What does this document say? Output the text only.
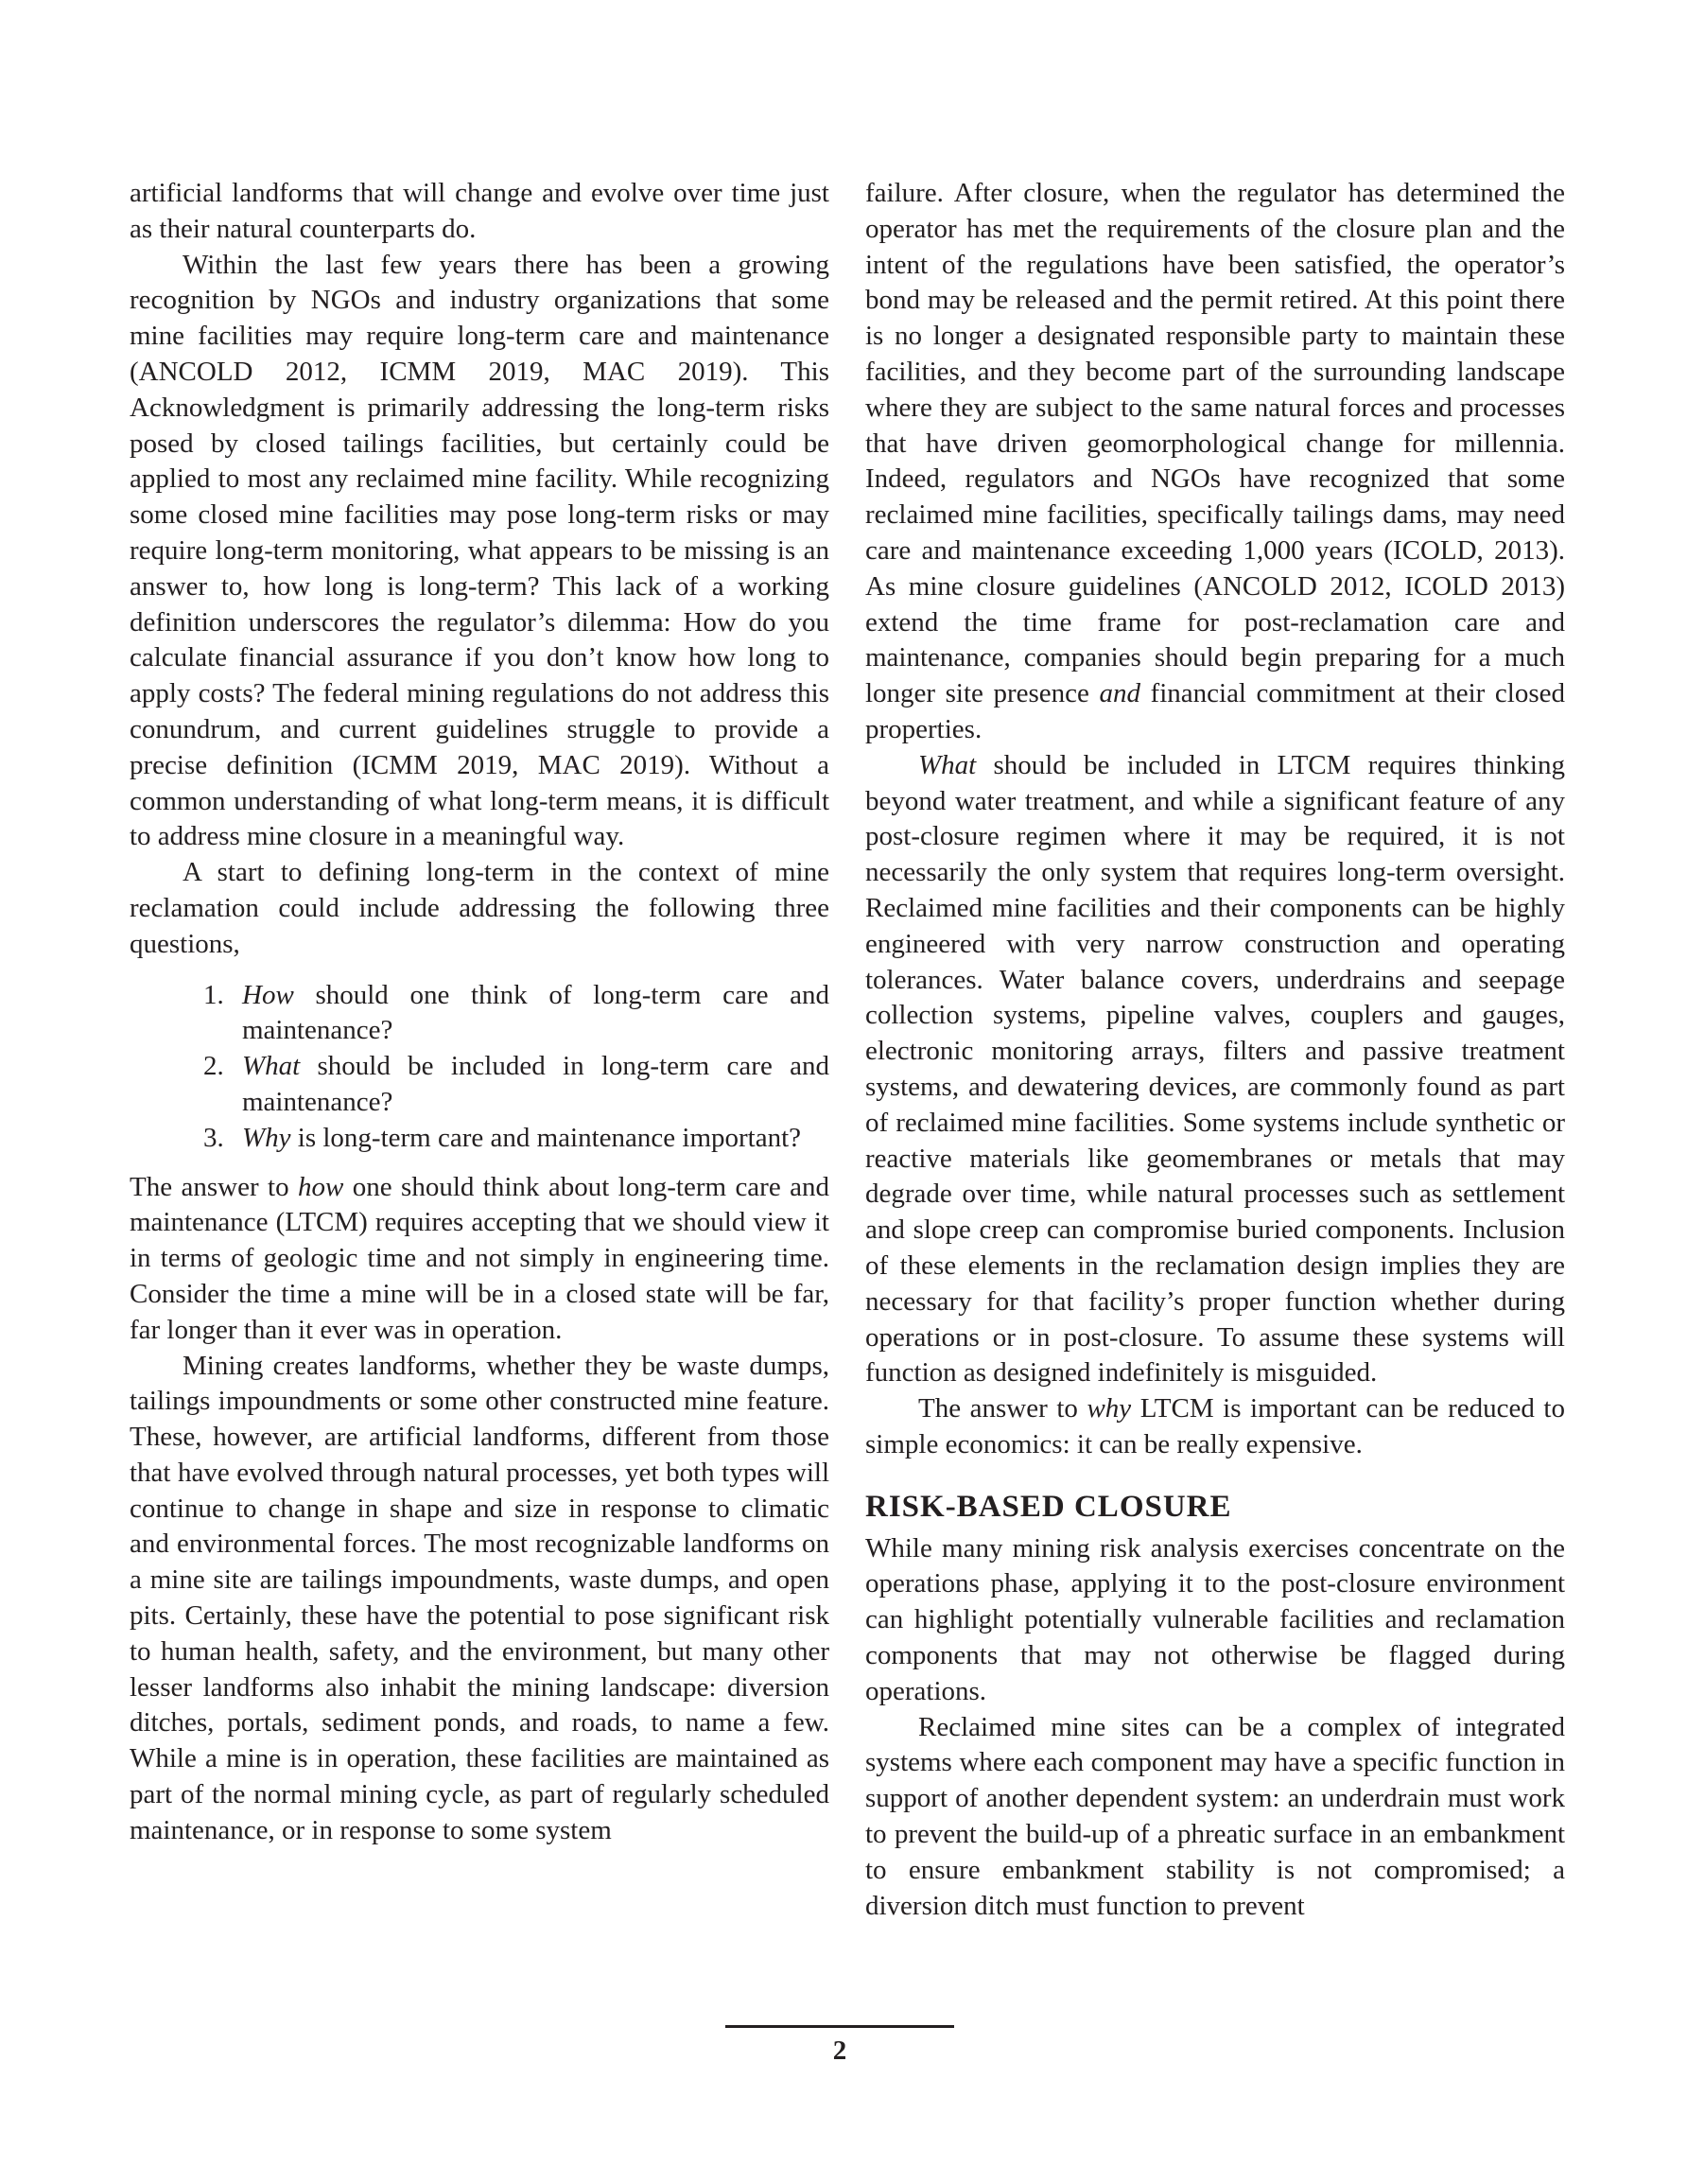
artificial landforms that will change and evolve over time just as their natural counterparts do.

Within the last few years there has been a growing recognition by NGOs and industry organizations that some mine facilities may require long-term care and maintenance (ANCOLD 2012, ICMM 2019, MAC 2019). This Acknowledgment is primarily addressing the long-term risks posed by closed tailings facilities, but certainly could be applied to most any reclaimed mine facility. While recognizing some closed mine facilities may pose long-term risks or may require long-term monitoring, what appears to be missing is an answer to, how long is long-term? This lack of a working definition underscores the regulator’s dilemma: How do you calculate financial assurance if you don’t know how long to apply costs? The federal mining regulations do not address this conundrum, and current guidelines struggle to provide a precise definition (ICMM 2019, MAC 2019). Without a common understanding of what long-term means, it is difficult to address mine closure in a meaningful way.

A start to defining long-term in the context of mine reclamation could include addressing the following three questions,

1. How should one think of long-term care and maintenance?
2. What should be included in long-term care and maintenance?
3. Why is long-term care and maintenance important?

The answer to how one should think about long-term care and maintenance (LTCM) requires accepting that we should view it in terms of geologic time and not simply in engineering time. Consider the time a mine will be in a closed state will be far, far longer than it ever was in operation.

Mining creates landforms, whether they be waste dumps, tailings impoundments or some other constructed mine feature. These, however, are artificial landforms, different from those that have evolved through natural processes, yet both types will continue to change in shape and size in response to climatic and environmental forces. The most recognizable landforms on a mine site are tailings impoundments, waste dumps, and open pits. Certainly, these have the potential to pose significant risk to human health, safety, and the environment, but many other lesser landforms also inhabit the mining landscape: diversion ditches, portals, sediment ponds, and roads, to name a few. While a mine is in operation, these facilities are maintained as part of the normal mining cycle, as part of regularly scheduled maintenance, or in response to some system

failure. After closure, when the regulator has determined the operator has met the requirements of the closure plan and the intent of the regulations have been satisfied, the operator’s bond may be released and the permit retired. At this point there is no longer a designated responsible party to maintain these facilities, and they become part of the surrounding landscape where they are subject to the same natural forces and processes that have driven geomorphological change for millennia. Indeed, regulators and NGOs have recognized that some reclaimed mine facilities, specifically tailings dams, may need care and maintenance exceeding 1,000 years (ICOLD, 2013). As mine closure guidelines (ANCOLD 2012, ICOLD 2013) extend the time frame for post-reclamation care and maintenance, companies should begin preparing for a much longer site presence and financial commitment at their closed properties.

What should be included in LTCM requires thinking beyond water treatment, and while a significant feature of any post-closure regimen where it may be required, it is not necessarily the only system that requires long-term oversight. Reclaimed mine facilities and their components can be highly engineered with very narrow construction and operating tolerances. Water balance covers, underdrains and seepage collection systems, pipeline valves, couplers and gauges, electronic monitoring arrays, filters and passive treatment systems, and dewatering devices, are commonly found as part of reclaimed mine facilities. Some systems include synthetic or reactive materials like geomembranes or metals that may degrade over time, while natural processes such as settlement and slope creep can compromise buried components. Inclusion of these elements in the reclamation design implies they are necessary for that facility’s proper function whether during operations or in post-closure. To assume these systems will function as designed indefinitely is misguided.

The answer to why LTCM is important can be reduced to simple economics: it can be really expensive.

RISK-BASED CLOSURE

While many mining risk analysis exercises concentrate on the operations phase, applying it to the post-closure environment can highlight potentially vulnerable facilities and reclamation components that may not otherwise be flagged during operations.

Reclaimed mine sites can be a complex of integrated systems where each component may have a specific function in support of another dependent system: an underdrain must work to prevent the build-up of a phreatic surface in an embankment to ensure embankment stability is not compromised; a diversion ditch must function to prevent

2
